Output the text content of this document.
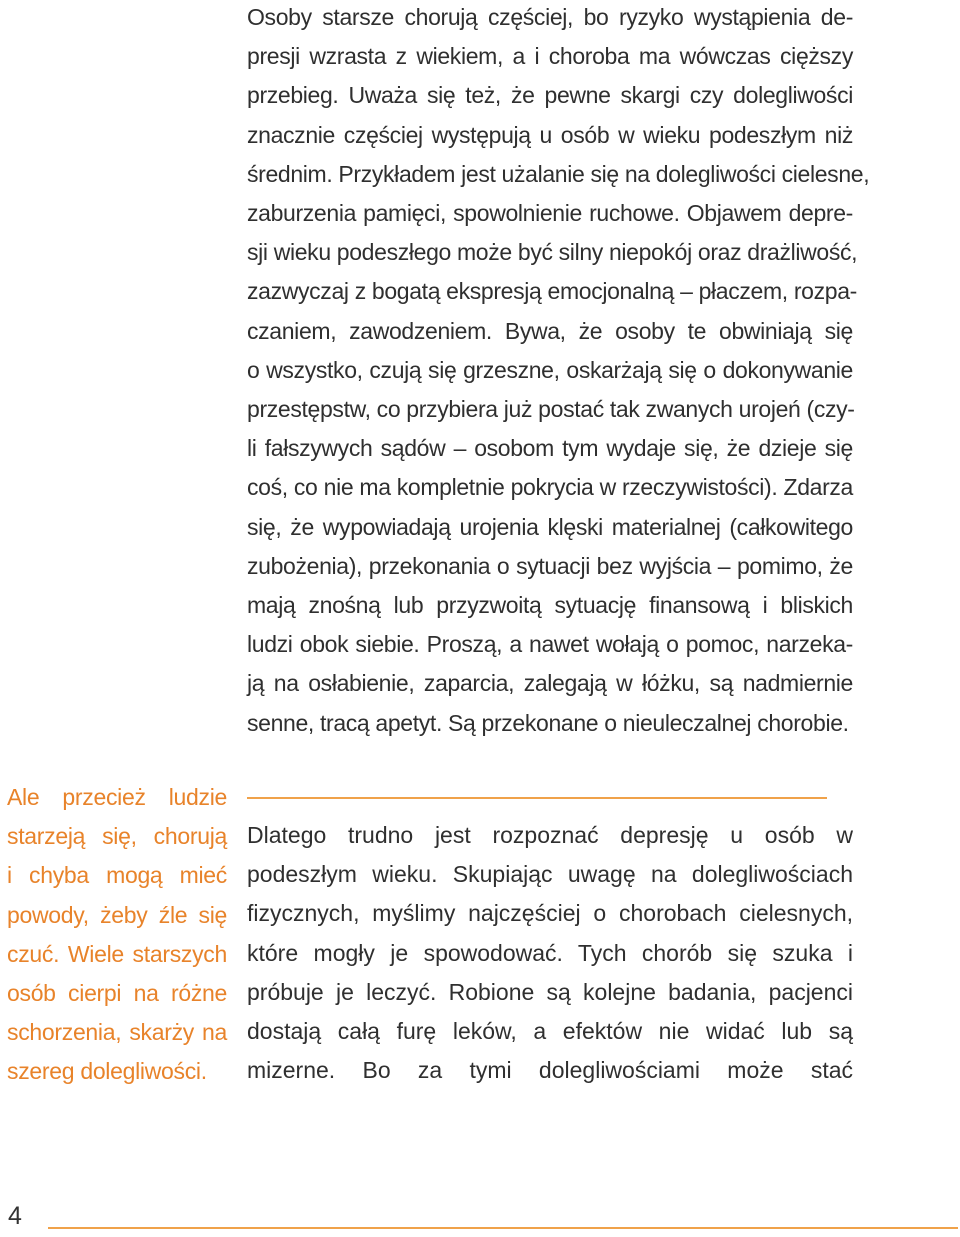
Osoby starsze chorują częściej, bo ryzyko wystąpienia de-
presji wzrasta z wiekiem, a i choroba ma wówczas cięższy
przebieg. Uważa się też, że pewne skargi czy dolegliwości
znacznie częściej występują u osób w wieku podeszłym niż
średnim. Przykładem jest użalanie się na dolegliwości cielesne,
zaburzenia pamięci, spowolnienie ruchowe. Objawem depre-
sji wieku podeszłego może być silny niepokój oraz drażliwość,
zazwyczaj z bogatą ekspresją emocjonalną – płaczem, rozpa-
czaniem, zawodzeniem. Bywa, że osoby te obwiniają się
o wszystko, czują się grzeszne, oskarżają się o dokonywanie
przestępstw, co przybiera już postać tak zwanych urojeń (czy-
li fałszywych sądów – osobom tym wydaje się, że dzieje się
coś, co nie ma kompletnie pokrycia w rzeczywistości). Zdarza
się, że wypowiadają urojenia klęski materialnej (całkowitego
zubożenia), przekonania o sytuacji bez wyjścia – pomimo, że
mają znośną lub przyzwoitą sytuację finansową i bliskich
ludzi obok siebie. Proszą, a nawet wołają o pomoc, narzeka-
ją na osłabienie, zaparcia, zalegają w łóżku, są nadmiernie
senne, tracą apetyt. Są przekonane o nieuleczalnej chorobie.
Dlatego trudno jest rozpoznać depresję u osób w
podeszłym wieku. Skupiając uwagę na dolegliwościach
fizycznych, myślimy najczęściej o chorobach cielesnych,
które mogły je spowodować. Tych chorób się szuka i
próbuje je leczyć. Robione są kolejne badania, pacjenci
dostają całą furę leków, a efektów nie widać lub są
mizerne. Bo za tymi dolegliwościami może stać
Ale przecież ludzie
starzeją się, chorują
i chyba mogą mieć
powody, żeby źle się
czuć. Wiele starszych
osób cierpi na różne
schorzenia, skarży na
szereg dolegliwości.
4
